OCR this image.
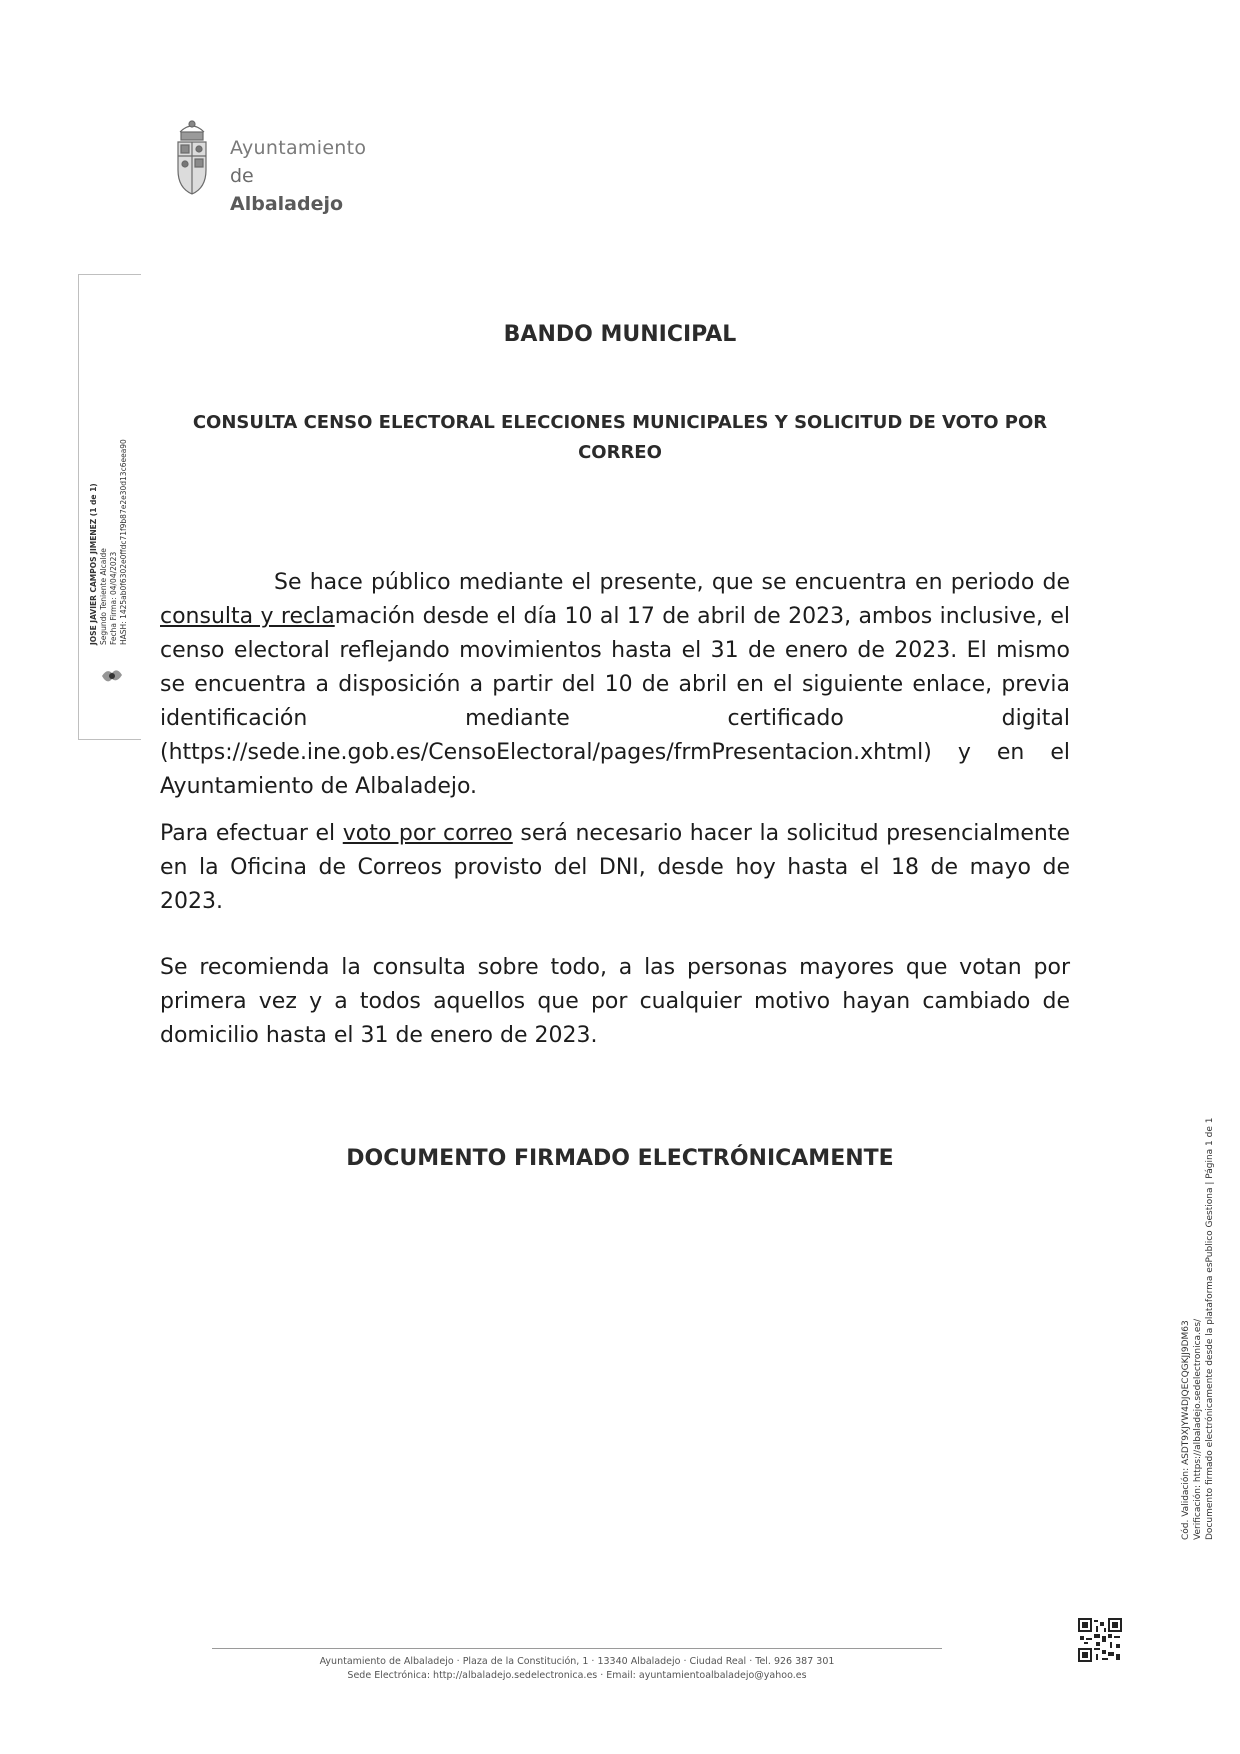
Ayuntamiento
de Albaladejo
JOSE JAVIER CAMPOS JIMENEZ (1 de 1) Segundo Teniente Alcalde Fecha Firma: 04/04/2023 HASH: 1425ab0f6302e0ffdc71f9b87e2e30d13c6eea90
BANDO MUNICIPAL
CONSULTA CENSO ELECTORAL ELECCIONES MUNICIPALES Y SOLICITUD DE VOTO POR
CORREO
Se hace público mediante el presente, que se encuentra en periodo de consulta y reclamación desde el día 10 al 17 de abril de 2023, ambos inclusive, el censo electoral reflejando movimientos hasta el 31 de enero de 2023. El mismo se encuentra a disposición a partir del 10 de abril en el siguiente enlace, previa identificación mediante certificado digital (https://sede.ine.gob.es/CensoElectoral/pages/frmPresentacion.xhtml) y en el Ayuntamiento de Albaladejo.
Para efectuar el voto por correo será necesario hacer la solicitud presencialmente en la Oficina de Correos provisto del DNI, desde hoy hasta el 18 de mayo de 2023.
Se recomienda la consulta sobre todo, a las personas mayores que votan por primera vez y a todos aquellos que por cualquier motivo hayan cambiado de domicilio hasta el 31 de enero de 2023.
DOCUMENTO FIRMADO ELECTRÓNICAMENTE
Cód. Validación: ASDT9XJYW4DJQECQGKJJ9DM63 Verificación: https://albaladejo.sedelectronica.es/ Documento firmado electrónicamente desde la plataforma esPublico Gestiona | Página 1 de 1
Ayuntamiento de Albaladejo · Plaza de la Constitución, 1 · 13340 Albaladejo · Ciudad Real · Tel. 926 387 301
Sede Electrónica: http://albaladejo.sedelectronica.es · Email: ayuntamientoalbaladejo@yahoo.es
